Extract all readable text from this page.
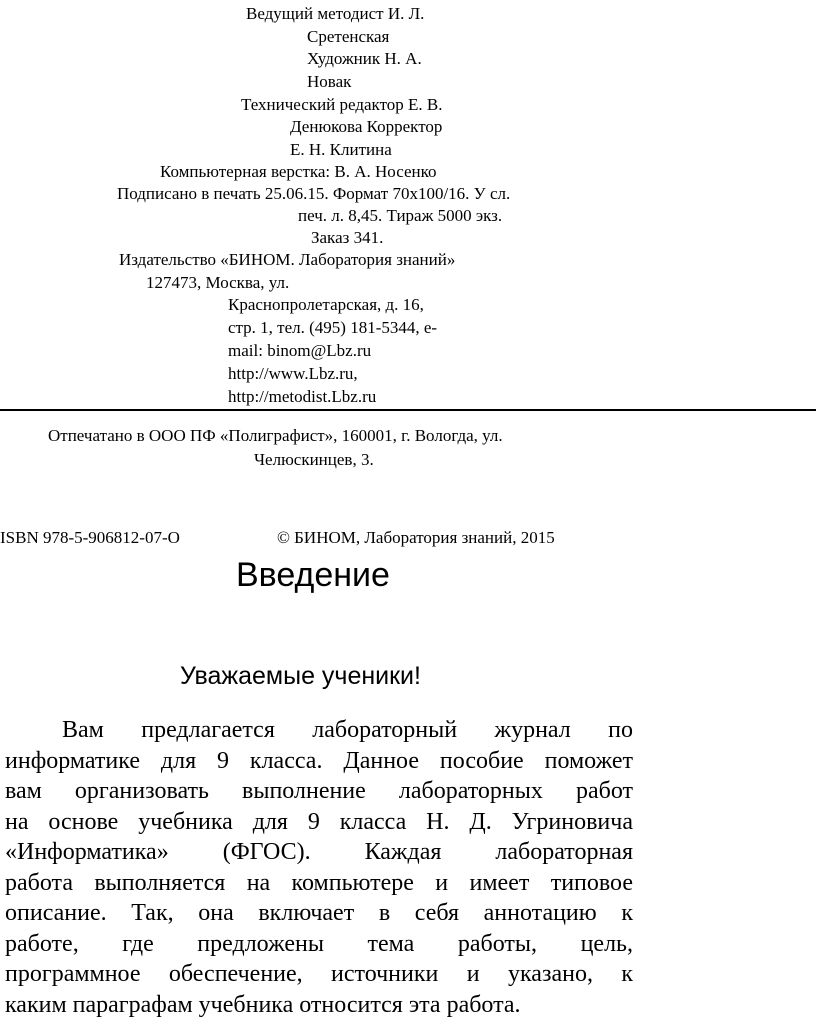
Ведущий методист И. Л.
Сретенская
Художник Н. А.
Новак
Технический редактор Е. В.
Денюкова Корректор
Е. Н. Клитина
Компьютерная верстка: В. А. Носенко
Подписано в печать 25.06.15. Формат 70x100/16. У сл.
печ. л. 8,45. Тираж 5000 экз.
Заказ 341.
Издательство «БИНОМ. Лаборатория знаний»
127473, Москва, ул.
Краснопролетарская, д. 16,
стр. 1, тел. (495) 181-5344, e-
mail: binom@Lbz.ru
http://www.Lbz.ru,
http://metodist.Lbz.ru
Отпечатано в ООО ПФ «Полиграфист», 160001, г. Вологда, ул.
Челюскинцев, 3.
ISBN 978-5-906812-07-O	© БИНОМ, Лаборатория знаний, 2015
Введение
Уважаемые ученики!
Вам предлагается лабораторный журнал по
информатике для 9 класса. Данное пособие поможет
вам организовать выполнение лабораторных работ
на основе учебника для 9 класса Н. Д. Угриновича
«Информатика» (ФГОС). Каждая лабораторная
работа выполняется на компьютере и имеет типовое
описание. Так, она включает в себя аннотацию к
работе, где предложены тема работы, цель,
программное обеспечение, источники и указано, к
каким параграфам учебника относится эта работа.
